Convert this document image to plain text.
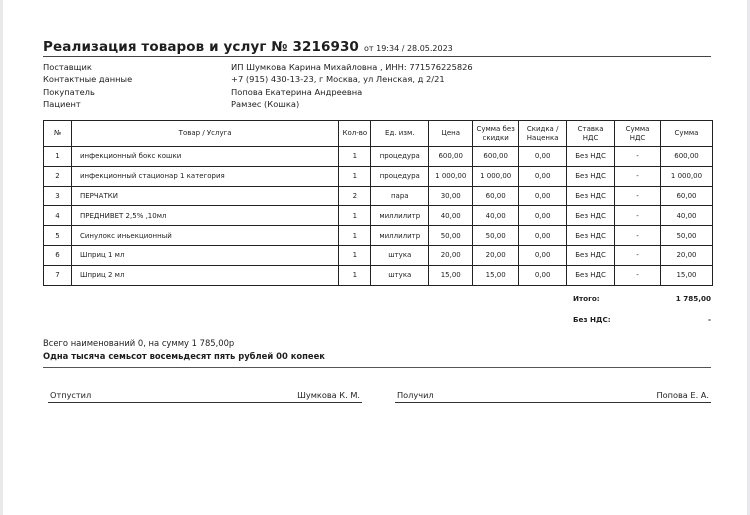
Реализация товаров и услуг № 3216930 от 19:34 / 28.05.2023
Поставщик	ИП Шумкова Карина Михайловна , ИНН: 771576225826
Контактные данные	+7 (915) 430-13-23, г Москва, ул Ленская, д 2/21
Покупатель	Попова Екатерина Андреевна
Пациент	Рамзес (Кошка)
№	Товар / Услуга	Кол-во	Ед. изм.	Цена	Сумма без скидки	Скидка / Наценка	Ставка НДС	Сумма НДС	Сумма
1	инфекционный бокс кошки	1	процедура	600,00	600,00	0,00	Без НДС	-	600,00
2	инфекционный стационар 1 категория	1	процедура	1 000,00	1 000,00	0,00	Без НДС	-	1 000,00
3	ПЕРЧАТКИ	2	пара	30,00	60,00	0,00	Без НДС	-	60,00
4	ПРЕДНИВЕТ 2,5% ,10мл	1	миллилитр	40,00	40,00	0,00	Без НДС	-	40,00
5	Синулокс иньекционный	1	миллилитр	50,00	50,00	0,00	Без НДС	-	50,00
6	Шприц 1 мл	1	штука	20,00	20,00	0,00	Без НДС	-	20,00
7	Шприц 2 мл	1	штука	15,00	15,00	0,00	Без НДС	-	15,00
Итого:	1 785,00
Без НДС:	-
Всего наименований 0, на сумму 1 785,00р
Одна тысяча семьсот восемьдесят пять рублей 00 копеек
Отпустил	Шумкова К. М.	Получил	Попова Е. А.
